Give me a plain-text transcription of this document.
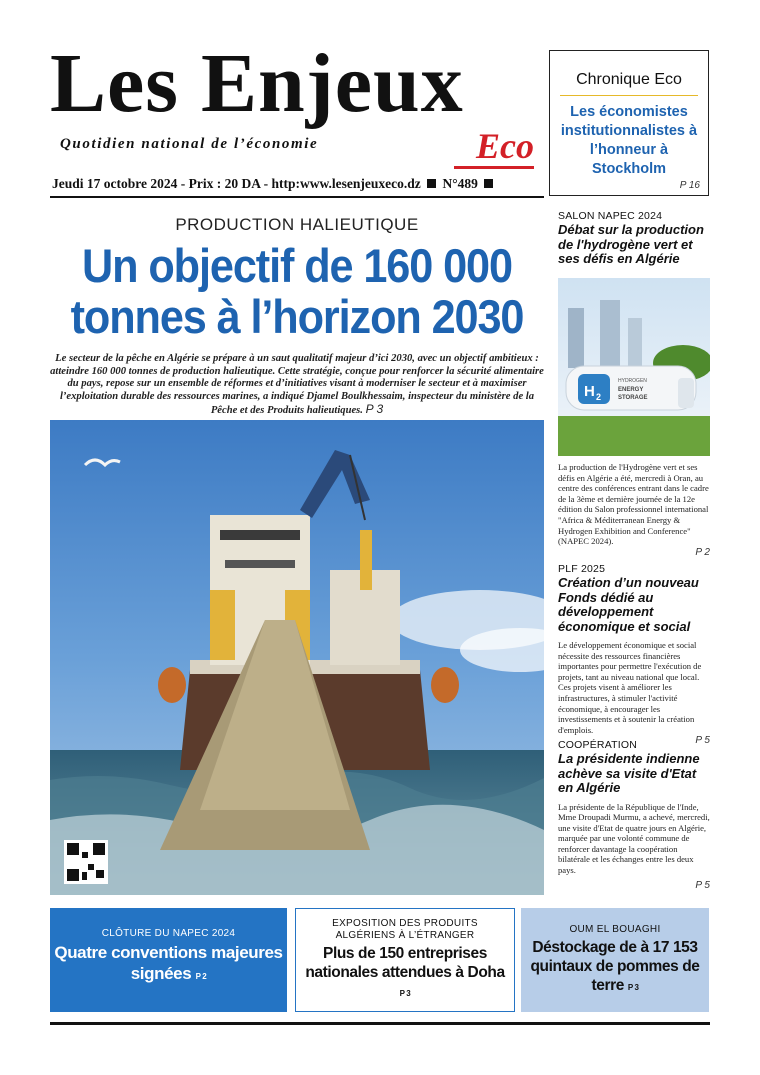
Les Enjeux
Quotidien national de l’économie	Eco
Jeudi 17 octobre 2024 - Prix : 20 DA - http:www.lesenjeuxeco.dz N°489
Chronique Eco
Les économistes institutionnalistes à l’honneur à Stockholm
P 16
PRODUCTION HALIEUTIQUE
Un objectif de 160 000 tonnes à l’horizon 2030
Le secteur de la pêche en Algérie se prépare à un saut qualitatif majeur d’ici 2030, avec un objectif ambitieux : atteindre 160 000 tonnes de production halieutique. Cette stratégie, conçue pour renforcer la sécurité alimentaire du pays, repose sur un ensemble de réformes et d’initiatives visant à moderniser le secteur et à maximiser l’exploitation durable des ressources marines, a indiqué Djamel Boulkhessaim, inspecteur du ministère de la Pêche et des Produits halieutiques. P 3
SALON NAPEC 2024
Débat sur la production de l'hydrogène vert et ses défis en Algérie
H 2
HYDROGEN
ENERGY
STORAGE
La production de l'Hydrogène vert et ses défis en Algérie a été, mercredi à Oran, au centre des conférences entrant dans le cadre de la 3ème et dernière journée de la 12e édition du Salon professionnel international "Africa & Méditerranean Energy & Hydrogen Exhibition and Conference" (NAPEC 2024).
P 2
PLF 2025
Création d’un nouveau Fonds dédié au développement économique et social
Le développement économique et social nécessite des ressources financières importantes pour permettre l'exécution de projets, tant au niveau national que local. Ces projets visent à améliorer les infrastructures, à stimuler l'activité économique, à encourager les investissements et à soutenir la création d'emplois.
P 5
COOPÉRATION
La présidente indienne achève sa visite d'Etat en Algérie
La présidente de la République de l'Inde, Mme Droupadi Murmu, a achevé, mercredi, une visite d'Etat de quatre jours en Algérie, marquée par une volonté commune de renforcer davantage la coopération bilatérale et les échanges entre les deux pays.
P 5
CLÔTURE DU NAPEC 2024
Quatre conventions majeures signées P 2
EXPOSITION DES PRODUITS ALGÉRIENS À L’ÉTRANGER
Plus de 150 entreprises nationales attendues à Doha P 3
OUM EL BOUAGHI
Déstockage de à 17 153 quintaux de pommes de terre P 3
